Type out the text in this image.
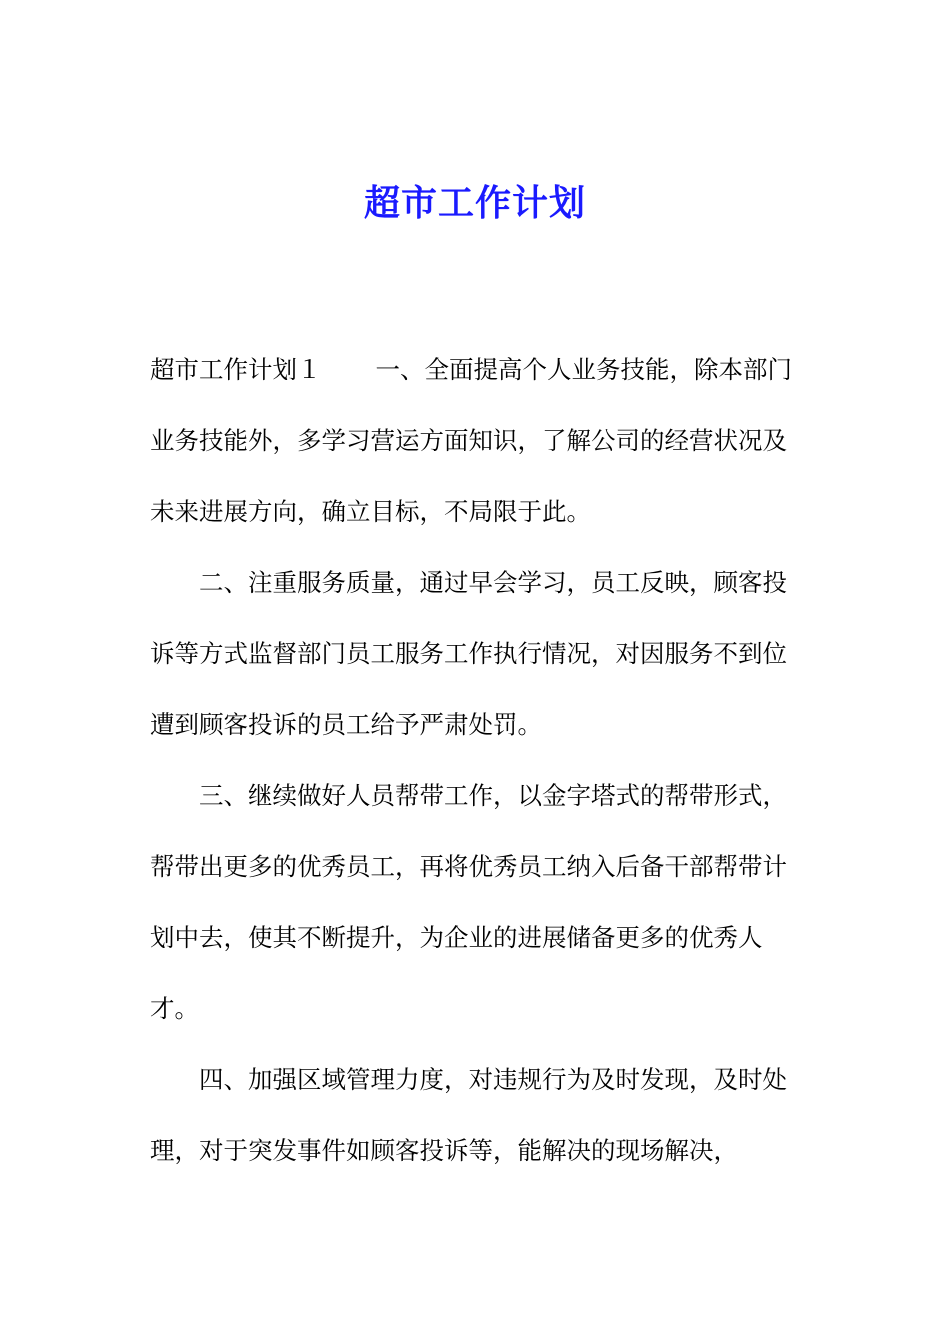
超市工作计划

超市工作计划１ 一、全面提高个人业务技能，除本部门业务技能外，多学习营运方面知识，了解公司的经营状况及未来进展方向，确立目标，不局限于此。

二、注重服务质量，通过早会学习，员工反映，顾客投诉等方式监督部门员工服务工作执行情况，对因服务不到位遭到顾客投诉的员工给予严肃处罚。

三、继续做好人员帮带工作，以金字塔式的帮带形式，帮带出更多的优秀员工，再将优秀员工纳入后备干部帮带计划中去，使其不断提升，为企业的进展储备更多的优秀人才。

四、加强区域管理力度，对违规行为及时发现，及时处理，对于突发事件如顾客投诉等，能解决的现场解决，
